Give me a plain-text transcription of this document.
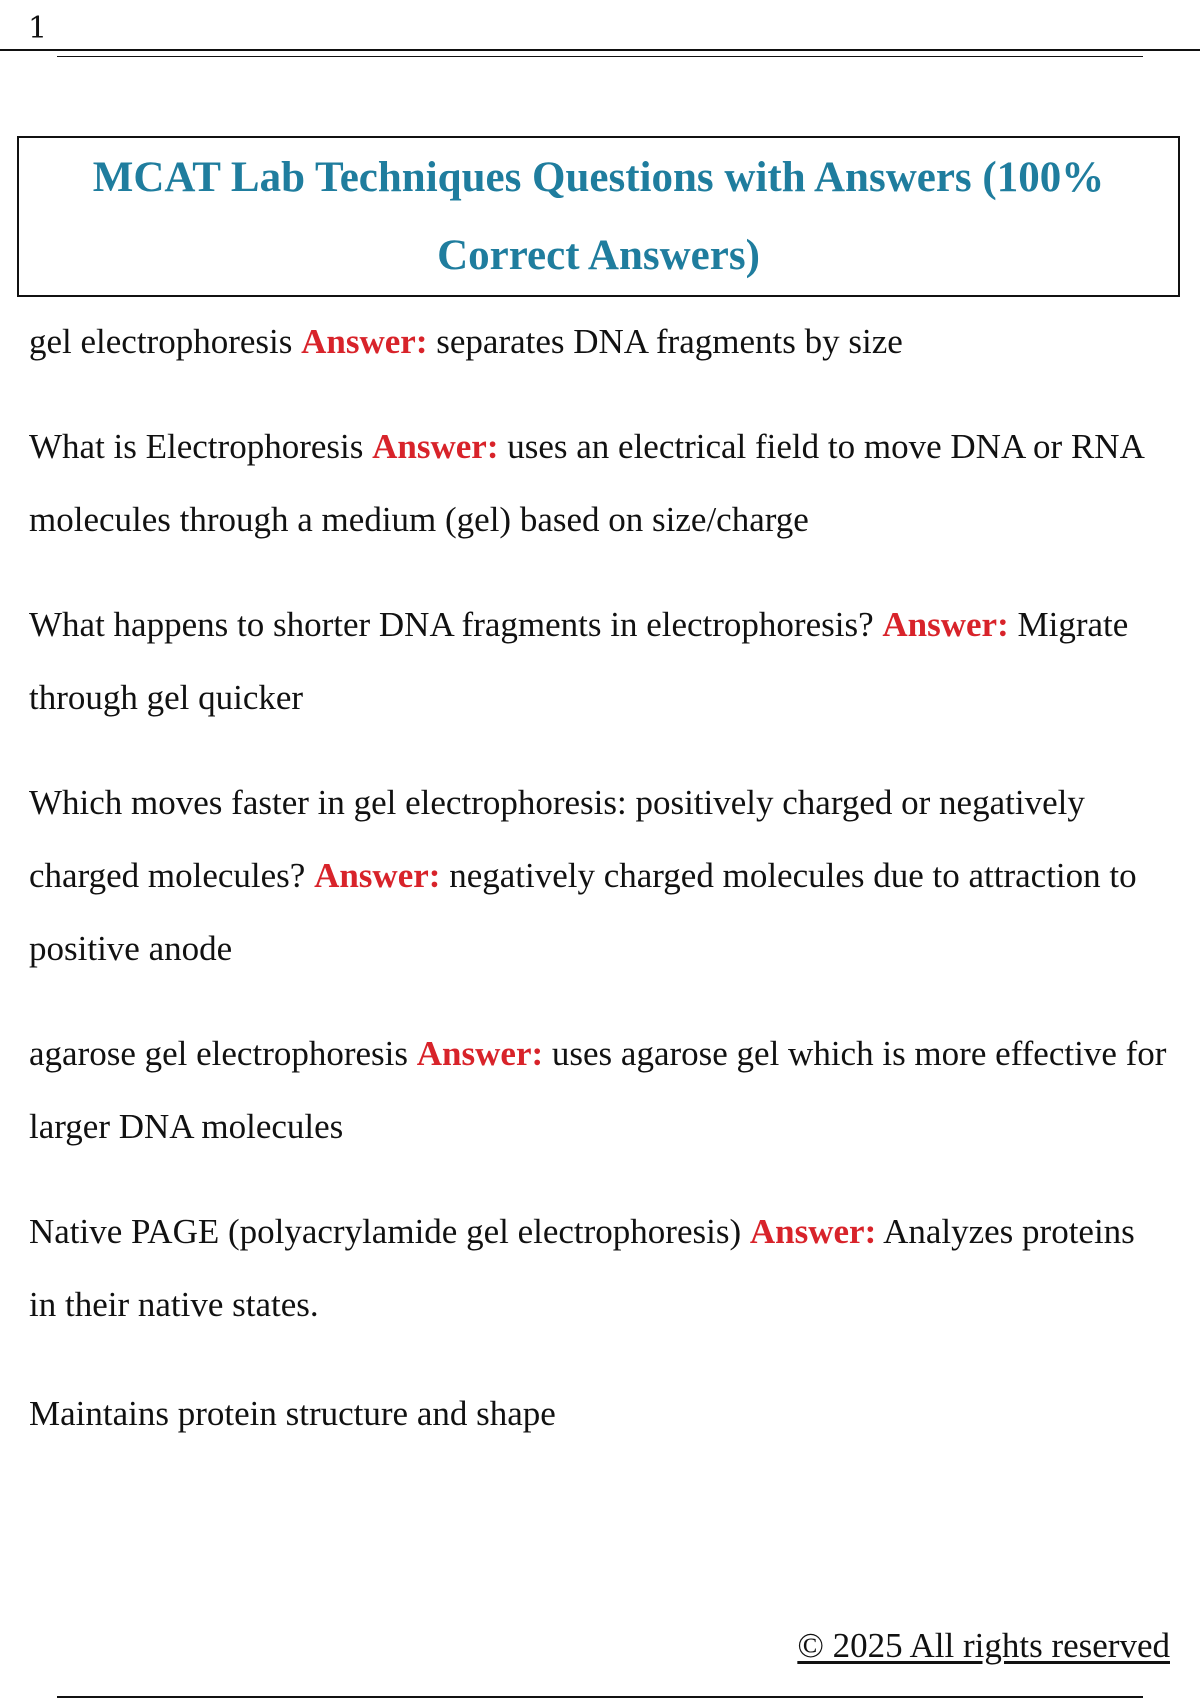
1
MCAT Lab Techniques Questions with Answers (100% Correct Answers)

gel electrophoresis Answer: separates DNA fragments by size

What is Electrophoresis Answer: uses an electrical field to move DNA or RNA molecules through a medium (gel) based on size/charge

What happens to shorter DNA fragments in electrophoresis? Answer: Migrate through gel quicker

Which moves faster in gel electrophoresis: positively charged or negatively charged molecules? Answer: negatively charged molecules due to attraction to positive anode

agarose gel electrophoresis Answer: uses agarose gel which is more effective for larger DNA molecules

Native PAGE (polyacrylamide gel electrophoresis) Answer: Analyzes proteins in their native states.

Maintains protein structure and shape

© 2025 All rights reserved
